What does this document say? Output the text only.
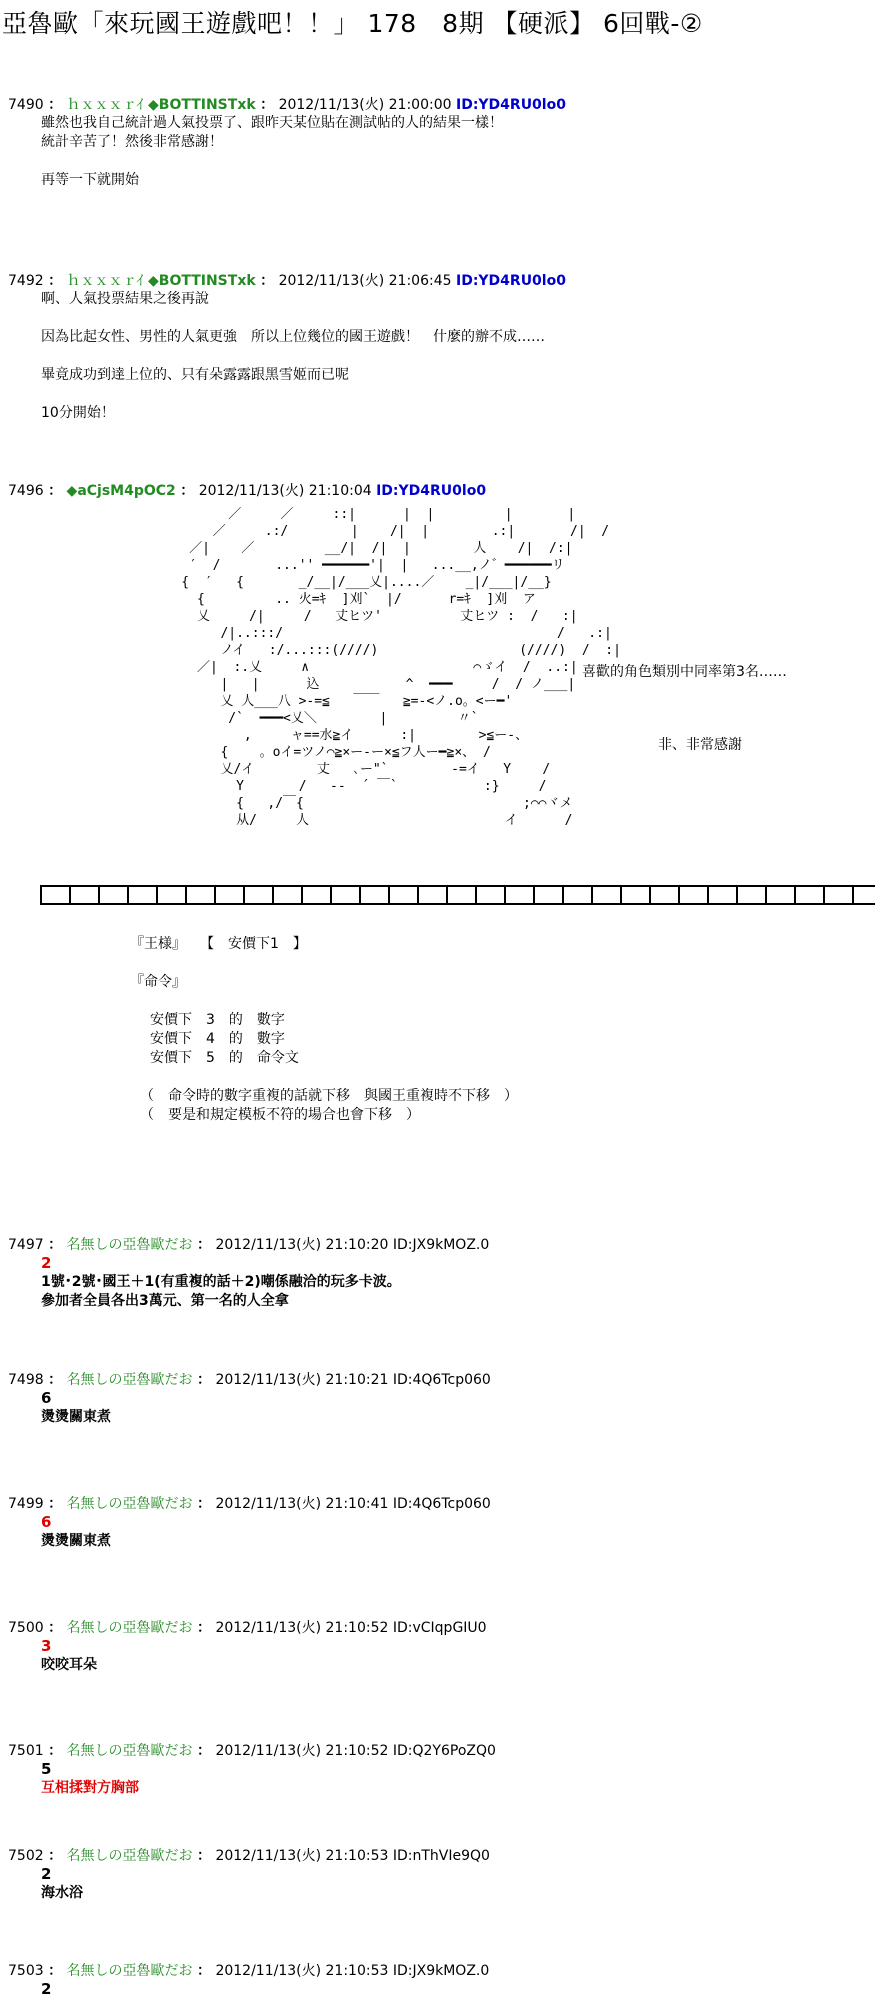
亞魯歐「來玩國王遊戲吧！！」 178　8期 【硬派】 6回戰-②
7490 ： ｈｘｘｘｒｲ ◆BOTTINSTxk ： 2012/11/13(火) 21:00:00 ID:YD4RU0lo0

雖然也我自己統計過人氣投票了、跟昨天某位貼在測試帖的人的結果一樣！

統計辛苦了！然後非常感謝！

再等一下就開始

7492 ： ｈｘｘｘｒｲ ◆BOTTINSTxk ： 2012/11/13(火) 21:06:45 ID:YD4RU0lo0

啊、人氣投票結果之後再說

因為比起女性、男性的人氣更強　所以上位幾位的國王遊戲！　什麼的辦不成……

畢竟成功到達上位的、只有朵露露跟黑雪姬而已呢

10分開始！

7496 ： ◆aCjsM4pOC2 ： 2012/11/13(火) 21:10:04 ID:YD4RU0lo0
／     ／     ::|      |  |         |       |
／     .:/        |    /|  |        .:|       /|  /
／|    ／         __/|  /|  |        人    /|  /:|
′  /       ...'' ━━━━━━'|  |   ...__,ノ゛━━━━━━リ
{  ′   {       _/__|/___乂|....／    _|/___|/__}
{         .. 火=ｷ  ]刈`  |/      r=ｷ  ]刈  ア
乂     /|     /   丈ヒツ'          丈ヒツ :  /   :|
/|..:::/                                   /   .:|
ノイ   :/...:::(////)                  (////)  /  :|
／|  :.乂     ∧                     ⌒ゞイ  /  ..:|
|   |      込           ^  ━━━     /  / ノ___|
乂 人___八 >-=≦   ￣￣   ≧=-<ノ.o。<ー━'
/`  ━━━<乂＼        |         〃`
,     ャ==水≧イ      :|        >≦ー-、
{    。oイ=ツノ⌒≧×ー-ー×≦フ人ー━≧×、 /
乂/イ        丈   ､ー"`        -=イ   Y    /
Y       /   --  ´ ￣`           :}     /
{   ,/￣{                            ;⌒⌒ヾメ
从/     人                         イ      /
喜歡的角色類別中同率第3名……
非、非常感謝

『王様』　　 【　安價下1　】

『命令』

安價下　3　的　數字

安價下　4　的　數字

安價下　5　的　命令文

（　命令時的數字重複的話就下移　與國王重複時不下移　）

（　要是和規定模板不符的場合也會下移　）

7497 ： 名無しの亞魯歐だお ： 2012/11/13(火) 21:10:20 ID:JX9kMOZ.0

2

1號･2號･國王＋1(有重複的話＋2)嘲係融洽的玩多卡波。
參加者全員各出3萬元、第一名的人全拿

7498 ： 名無しの亞魯歐だお ： 2012/11/13(火) 21:10:21 ID:4Q6Tcp060

6

燙燙關東煮

7499 ： 名無しの亞魯歐だお ： 2012/11/13(火) 21:10:41 ID:4Q6Tcp060

6

燙燙關東煮

7500 ： 名無しの亞魯歐だお ： 2012/11/13(火) 21:10:52 ID:vCIqpGIU0

3

咬咬耳朵

7501 ： 名無しの亞魯歐だお ： 2012/11/13(火) 21:10:52 ID:Q2Y6PoZQ0

5

互相揉對方胸部

7502 ： 名無しの亞魯歐だお ： 2012/11/13(火) 21:10:53 ID:nThVIe9Q0

2

海水浴

7503 ： 名無しの亞魯歐だお ： 2012/11/13(火) 21:10:53 ID:JX9kMOZ.0

2
